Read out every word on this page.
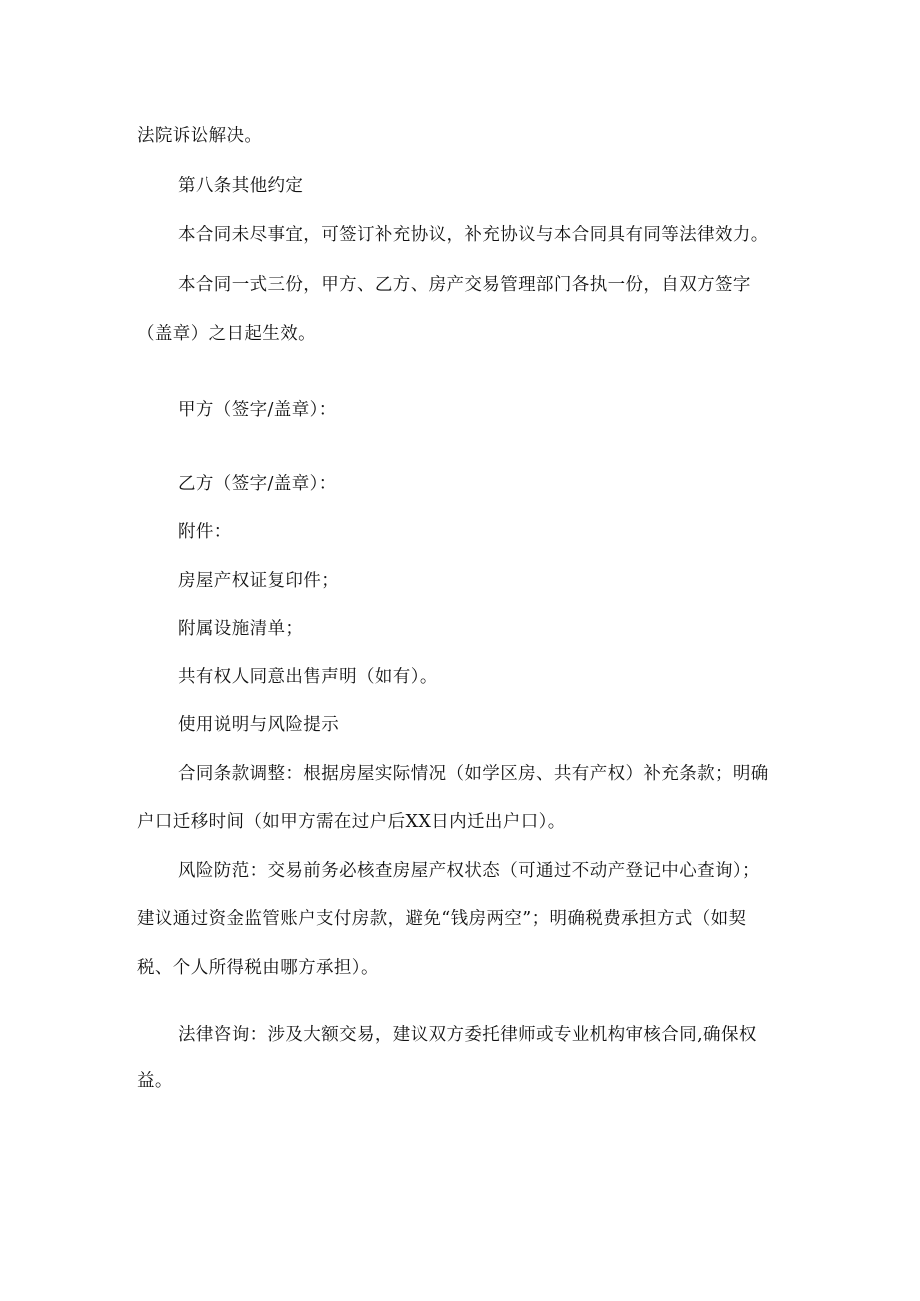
法院诉讼解决。
第八条其他约定
本合同未尽事宜，可签订补充协议，补充协议与本合同具有同等法律效力。
本合同一式三份，甲方、乙方、房产交易管理部门各执一份，自双方签字
（盖章）之日起生效。
甲方（签字/盖章）：
乙方（签字/盖章）：
附件：
房屋产权证复印件；
附属设施清单；
共有权人同意出售声明（如有）。
使用说明与风险提示
合同条款调整：根据房屋实际情况（如学区房、共有产权）补充条款；明确
户口迁移时间（如甲方需在过户后XX日内迁出户口）。
风险防范：交易前务必核查房屋产权状态（可通过不动产登记中心查询）；
建议通过资金监管账户支付房款，避免“钱房两空”；明确税费承担方式（如契
税、个人所得税由哪方承担）。
法律咨询：涉及大额交易，建议双方委托律师或专业机构审核合同,确保权
益。
